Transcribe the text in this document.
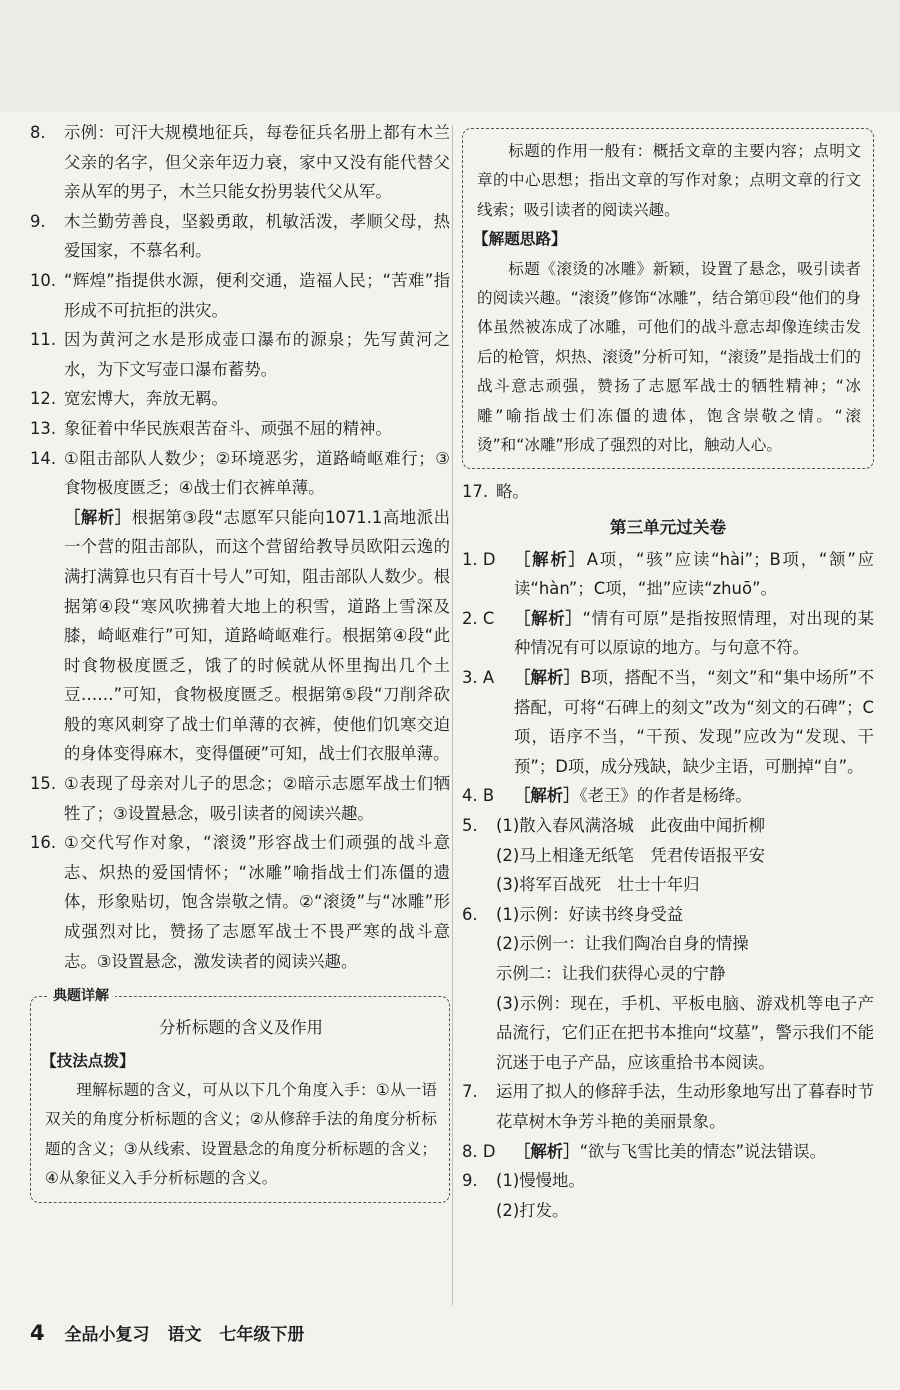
8.	示例：可汗大规模地征兵，每卷征兵名册上都有木兰父亲的名字，但父亲年迈力衰，家中又没有能代替父亲从军的男子，木兰只能女扮男装代父从军。
9.	木兰勤劳善良，坚毅勇敢，机敏活泼，孝顺父母，热爱国家，不慕名利。
10. “辉煌”指提供水源，便利交通，造福人民；“苦难”指形成不可抗拒的洪灾。
11. 因为黄河之水是形成壶口瀑布的源泉；先写黄河之水，为下文写壶口瀑布蓄势。
12. 宽宏博大，奔放无羁。
13. 象征着中华民族艰苦奋斗、顽强不屈的精神。
14. ①阻击部队人数少；②环境恶劣，道路崎岖难行；③食物极度匮乏；④战士们衣裤单薄。
［解析］根据第③段“志愿军只能向1071.1高地派出一个营的阻击部队，而这个营留给教导员欧阳云逸的满打满算也只有百十号人”可知，阻击部队人数少。根据第④段“寒风吹拂着大地上的积雪，道路上雪深及膝，崎岖难行”可知，道路崎岖难行。根据第④段“此时食物极度匮乏，饿了的时候就从怀里掏出几个土豆……”可知，食物极度匮乏。根据第⑤段“刀削斧砍般的寒风刺穿了战士们单薄的衣裤，使他们饥寒交迫的身体变得麻木，变得僵硬”可知，战士们衣服单薄。
15. ①表现了母亲对儿子的思念；②暗示志愿军战士们牺牲了；③设置悬念，吸引读者的阅读兴趣。
16. ①交代写作对象，“滚烫”形容战士们顽强的战斗意志、炽热的爱国情怀；“冰雕”喻指战士们冻僵的遗体，形象贴切，饱含崇敬之情。②“滚烫”与“冰雕”形成强烈对比，赞扬了志愿军战士不畏严寒的战斗意志。③设置悬念，激发读者的阅读兴趣。
典题详解
分析标题的含义及作用
【技法点拨】
理解标题的含义，可从以下几个角度入手：①从一语双关的角度分析标题的含义；②从修辞手法的角度分析标题的含义；③从线索、设置悬念的角度分析标题的含义；④从象征义入手分析标题的含义。
标题的作用一般有：概括文章的主要内容；点明文章的中心思想；指出文章的写作对象；点明文章的行文线索；吸引读者的阅读兴趣。
【解题思路】
标题《滚烫的冰雕》新颖，设置了悬念，吸引读者的阅读兴趣。“滚烫”修饰“冰雕”，结合第⑪段“他们的身体虽然被冻成了冰雕，可他们的战斗意志却像连续击发后的枪管，炽热、滚烫”分析可知，“滚烫”是指战士们的战斗意志顽强，赞扬了志愿军战士的牺牲精神；“冰雕”喻指战士们冻僵的遗体，饱含崇敬之情。“滚烫”和“冰雕”形成了强烈的对比，触动人心。
17. 略。
第三单元过关卷
1. D	［解析］A项，“骇”应读“hài”；B项，“颔”应读“hàn”；C项，“拙”应读“zhuō”。
2. C	［解析］“情有可原”是指按照情理，对出现的某种情况有可以原谅的地方。与句意不符。
3. A	［解析］B项，搭配不当，“刻文”和“集中场所”不搭配，可将“石碑上的刻文”改为“刻文的石碑”；C项，语序不当，“干预、发现”应改为“发现、干预”；D项，成分残缺，缺少主语，可删掉“自”。
4. B	［解析］《老王》的作者是杨绛。
5.	(1)散入春风满洛城　此夜曲中闻折柳
(2)马上相逢无纸笔　凭君传语报平安
(3)将军百战死　壮士十年归
6.	(1)示例：好读书终身受益
(2)示例一：让我们陶冶自身的情操
示例二：让我们获得心灵的宁静
(3)示例：现在，手机、平板电脑、游戏机等电子产品流行，它们正在把书本推向“坟墓”，警示我们不能沉迷于电子产品，应该重拾书本阅读。
7.	运用了拟人的修辞手法，生动形象地写出了暮春时节花草树木争芳斗艳的美丽景象。
8. D	［解析］“欲与飞雪比美的情态”说法错误。
9.	(1)慢慢地。
(2)打发。
4 全品小复习 语文 七年级下册
